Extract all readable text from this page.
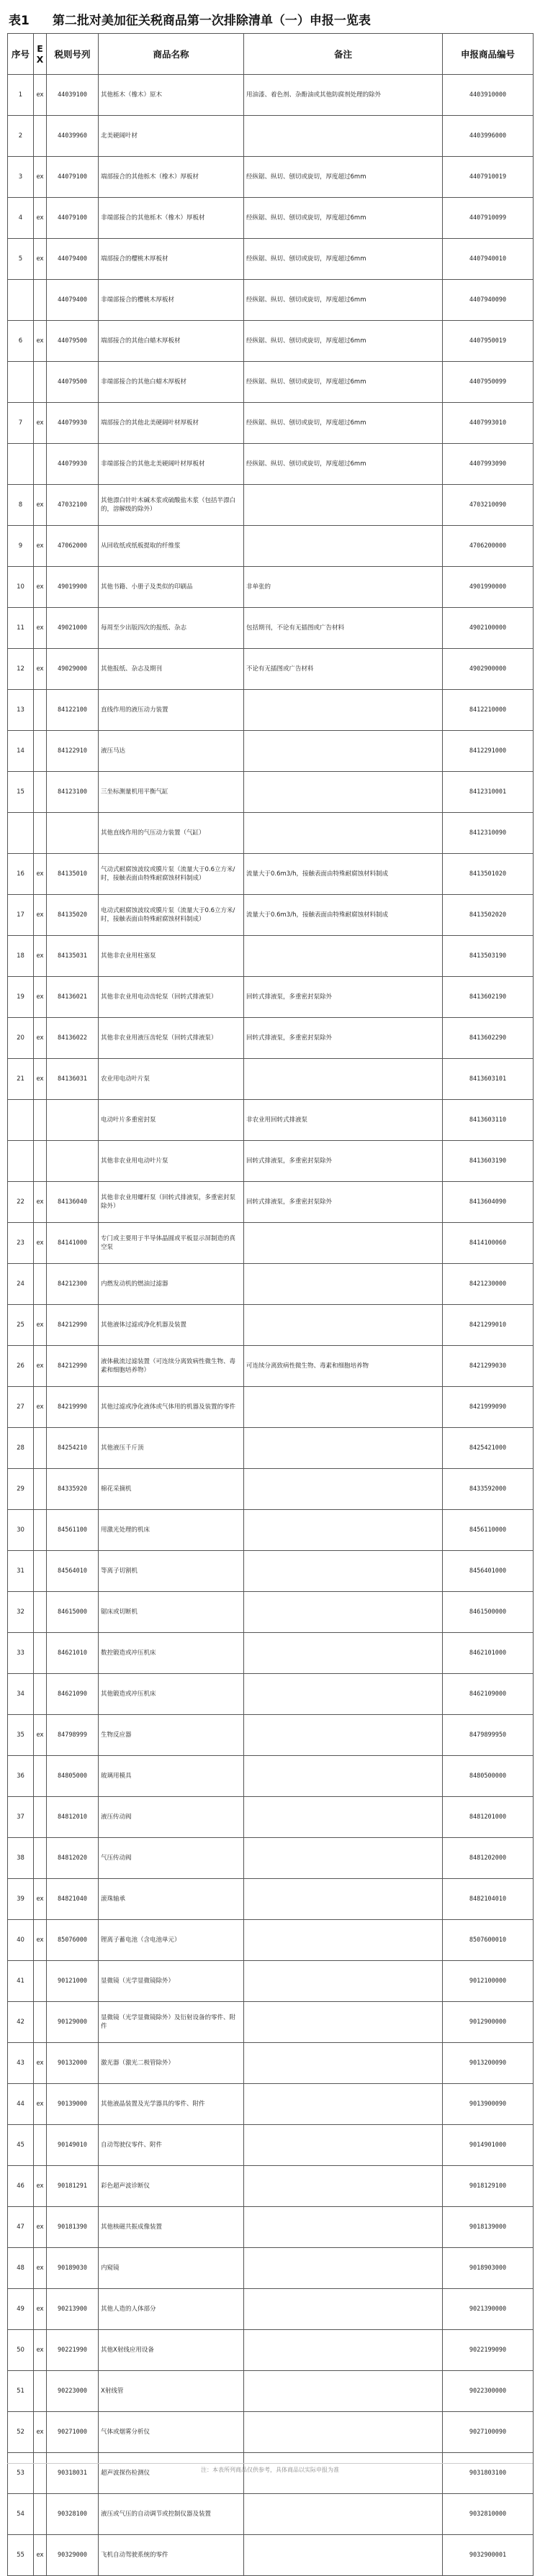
表1 第二批对美加征关税商品第一次排除清单（一）申报一览表
序号	EX	税则号列	商品名称	备注	申报商品编号
1	ex	44039100	其他栎木（橡木）原木	用油漆、着色剂、杂酚油或其他防腐剂处理的除外	4403910000
2		44039960	北美硬阔叶材		4403996000
3	ex	44079100	端部接合的其他栎木（橡木）厚板材	经纵锯、纵切、刨切或旋切，厚度超过6mm	4407910019
4	ex	44079100	非端部接合的其他栎木（橡木）厚板材	经纵锯、纵切、刨切或旋切，厚度超过6mm	4407910099
5	ex	44079400	端部接合的樱桃木厚板材	经纵锯、纵切、刨切或旋切，厚度超过6mm	4407940010
		44079400	非端部接合的樱桃木厚板材	经纵锯、纵切、刨切或旋切，厚度超过6mm	4407940090
6	ex	44079500	端部接合的其他白蜡木厚板材	经纵锯、纵切、刨切或旋切，厚度超过6mm	4407950019
		44079500	非端部接合的其他白蜡木厚板材	经纵锯、纵切、刨切或旋切，厚度超过6mm	4407950099
7	ex	44079930	端部接合的其他北美硬阔叶材厚板材	经纵锯、纵切、刨切或旋切，厚度超过6mm	4407993010
		44079930	非端部接合的其他北美硬阔叶材厚板材	经纵锯、纵切、刨切或旋切，厚度超过6mm	4407993090
8	ex	47032100	其他漂白针叶木碱木浆或硫酸盐木浆（包括半漂白的，溶解级的除外）		4703210090
9	ex	47062000	从回收纸或纸板提取的纤维浆		4706200000
10	ex	49019900	其他书籍、小册子及类似的印刷品	非单张的	4901990000
11	ex	49021000	每周至少出版四次的报纸、杂志	包括期刊，不论有无插图或广告材料	4902100000
12	ex	49029000	其他报纸、杂志及期刊	不论有无插图或广告材料	4902900000
13		84122100	直线作用的液压动力装置		8412210000
14		84122910	液压马达		8412291000
15		84123100	三坐标测量机用平衡气缸		8412310001
			其他直线作用的气压动力装置（气缸）		8412310090
16	ex	84135010	气动式耐腐蚀波纹或膜片泵（流量大于0.6立方米/时，接触表面由特殊耐腐蚀材料制成）	流量大于0.6m3/h，接触表面由特殊耐腐蚀材料制成	8413501020
17	ex	84135020	电动式耐腐蚀波纹或膜片泵（流量大于0.6立方米/时，接触表面由特殊耐腐蚀材料制成）	流量大于0.6m3/h，接触表面由特殊耐腐蚀材料制成	8413502020
18	ex	84135031	其他非农业用柱塞泵		8413503190
19	ex	84136021	其他非农业用电动齿轮泵（回转式排液泵）	回转式排液泵，多重密封泵除外	8413602190
20	ex	84136022	其他非农业用液压齿轮泵（回转式排液泵）	回转式排液泵，多重密封泵除外	8413602290
21	ex	84136031	农业用电动叶片泵		8413603101
			电动叶片多重密封泵	非农业用回转式排液泵	8413603110
			其他非农业用电动叶片泵	回转式排液泵，多重密封泵除外	8413603190
22	ex	84136040	其他非农业用螺杆泵（回转式排液泵，多重密封泵除外）	回转式排液泵，多重密封泵除外	8413604090
23	ex	84141000	专门或主要用于半导体晶圆或平板显示屏制造的真空泵		8414100060
24		84212300	内燃发动机的燃油过滤器		8421230000
25	ex	84212990	其他液体过滤或净化机器及装置		8421299010
26	ex	84212990	液体截流过滤装置（可连续分离致病性微生物、毒素和细胞培养物）	可连续分离致病性微生物、毒素和细胞培养物	8421299030
27	ex	84219990	其他过滤或净化液体或气体用的机器及装置的零件		8421999090
28		84254210	其他液压千斤顶		8425421000
29		84335920	棉花采摘机		8433592000
30		84561100	用激光处理的机床		8456110000
31		84564010	等离子切割机		8456401000
32		84615000	锯床或切断机		8461500000
33		84621010	数控锻造或冲压机床		8462101000
34		84621090	其他锻造或冲压机床		8462109000
35	ex	84798999	生物反应器		8479899950
36		84805000	玻璃用模具		8480500000
37		84812010	液压传动阀		8481201000
38		84812020	气压传动阀		8481202000
39	ex	84821040	滚珠轴承		8482104010
40	ex	85076000	锂离子蓄电池（含电池单元）		8507600010
41		90121000	显微镜（光学显微镜除外）		9012100000
42		90129000	显微镜（光学显微镜除外）及衍射设备的零件、附件		9012900000
43	ex	90132000	激光器（激光二极管除外）		9013200090
44	ex	90139000	其他液晶装置及光学器具的零件、附件		9013900090
45		90149010	自动驾驶仪零件、附件		9014901000
46	ex	90181291	彩色超声波诊断仪		9018129100
47	ex	90181390	其他核磁共振成像装置		9018139000
48	ex	90189030	内窥镜		9018903000
49	ex	90213900	其他人造的人体部分		9021390000
50	ex	90221990	其他X射线应用设备		9022199090
51		90223000	X射线管		9022300000
52	ex	90271000	气体或烟雾分析仪		9027100090
53		90318031	超声波探伤检测仪		9031803100
54		90328100	液压或气压的自动调节或控制仪器及装置		9032810000
55	ex	90329000	飞机自动驾驶系统的零件		9032900001
注：本表所列商品仅供参考，具体商品以实际申报为准
